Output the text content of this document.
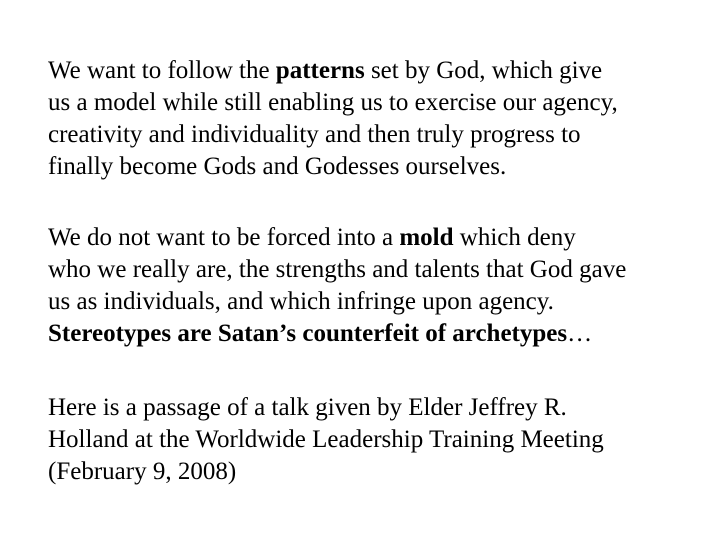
We want to follow the patterns set by God, which give
us a model while still enabling us to exercise our agency,
creativity and individuality and then truly progress to
finally become Gods and Godesses ourselves.

We do not want to be forced into a mold which deny
who we really are, the strengths and talents that God gave
us as individuals, and which infringe upon agency.
Stereotypes are Satan’s counterfeit of archetypes…

Here is a passage of a talk given by Elder Jeffrey R.
Holland at the Worldwide Leadership Training Meeting
(February 9, 2008)
